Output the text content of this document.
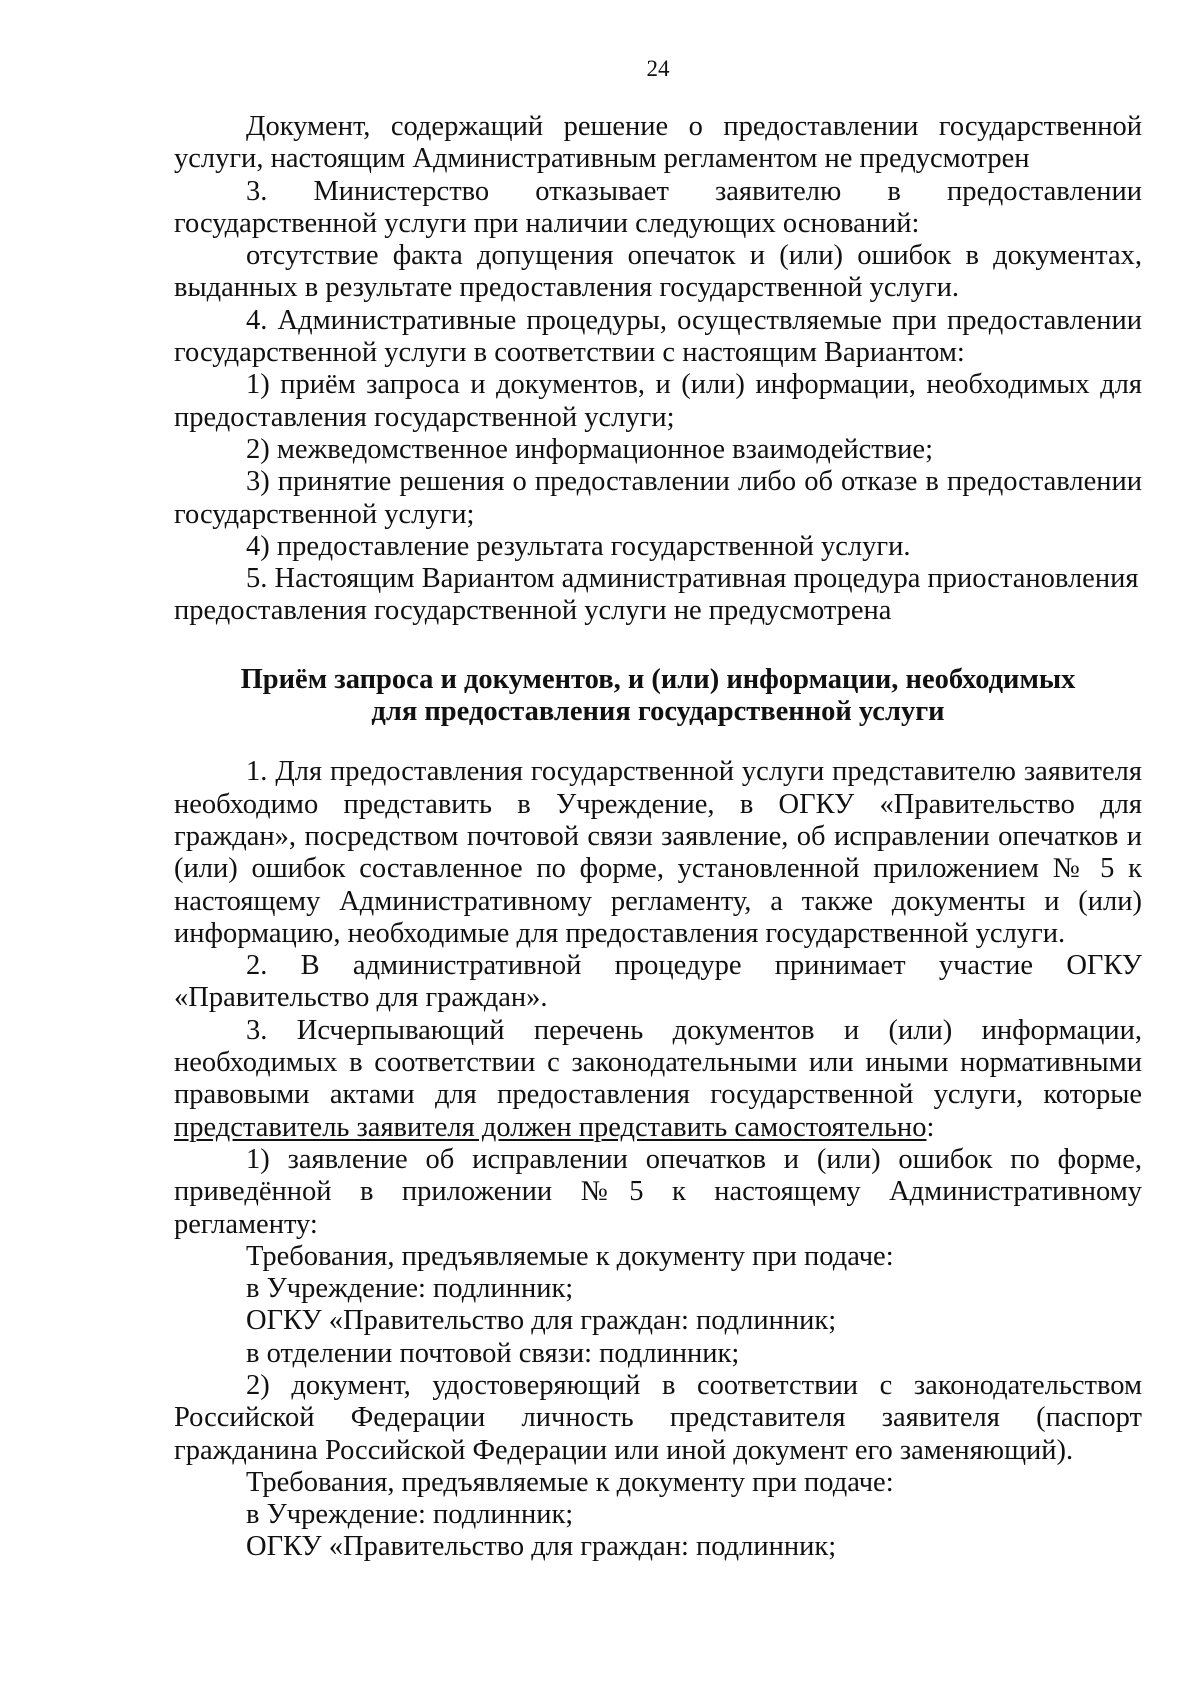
24

Документ, содержащий решение о предоставлении государственной услуги, настоящим Административным регламентом не предусмотрен

3. Министерство отказывает заявителю в предоставлении государственной услуги при наличии следующих оснований:

отсутствие факта допущения опечаток и (или) ошибок в документах, выданных в результате предоставления государственной услуги.

4. Административные процедуры, осуществляемые при предоставлении государственной услуги в соответствии с настоящим Вариантом:

1) приём запроса и документов, и (или) информации, необходимых для предоставления государственной услуги;

2) межведомственное информационное взаимодействие;

3) принятие решения о предоставлении либо об отказе в предоставлении государственной услуги;

4) предоставление результата государственной услуги.

5. Настоящим Вариантом административная процедура приостановления предоставления государственной услуги не предусмотрена

Приём запроса и документов, и (или) информации, необходимых
для предоставления государственной услуги

1. Для предоставления государственной услуги представителю заявителя необходимо представить в Учреждение, в ОГКУ «Правительство для граждан», посредством почтовой связи заявление, об исправлении опечатков и (или) ошибок составленное по форме, установленной приложением № 5 к настоящему Административному регламенту, а также документы и (или) информацию, необходимые для предоставления государственной услуги.

2. В административной процедуре принимает участие ОГКУ «Правительство для граждан».

3. Исчерпывающий перечень документов и (или) информации, необходимых в соответствии с законодательными или иными нормативными правовыми актами для предоставления государственной услуги, которые представитель заявителя должен представить самостоятельно:

1) заявление об исправлении опечатков и (или) ошибок по форме, приведённой в приложении №5 к настоящему Административному регламенту:

Требования, предъявляемые к документу при подаче:

в Учреждение: подлинник;

ОГКУ «Правительство для граждан: подлинник;

в отделении почтовой связи: подлинник;

2) документ, удостоверяющий в соответствии с законодательством Российской Федерации личность представителя заявителя (паспорт гражданина Российской Федерации или иной документ его заменяющий).

Требования, предъявляемые к документу при подаче:

в Учреждение: подлинник;

ОГКУ «Правительство для граждан: подлинник;
